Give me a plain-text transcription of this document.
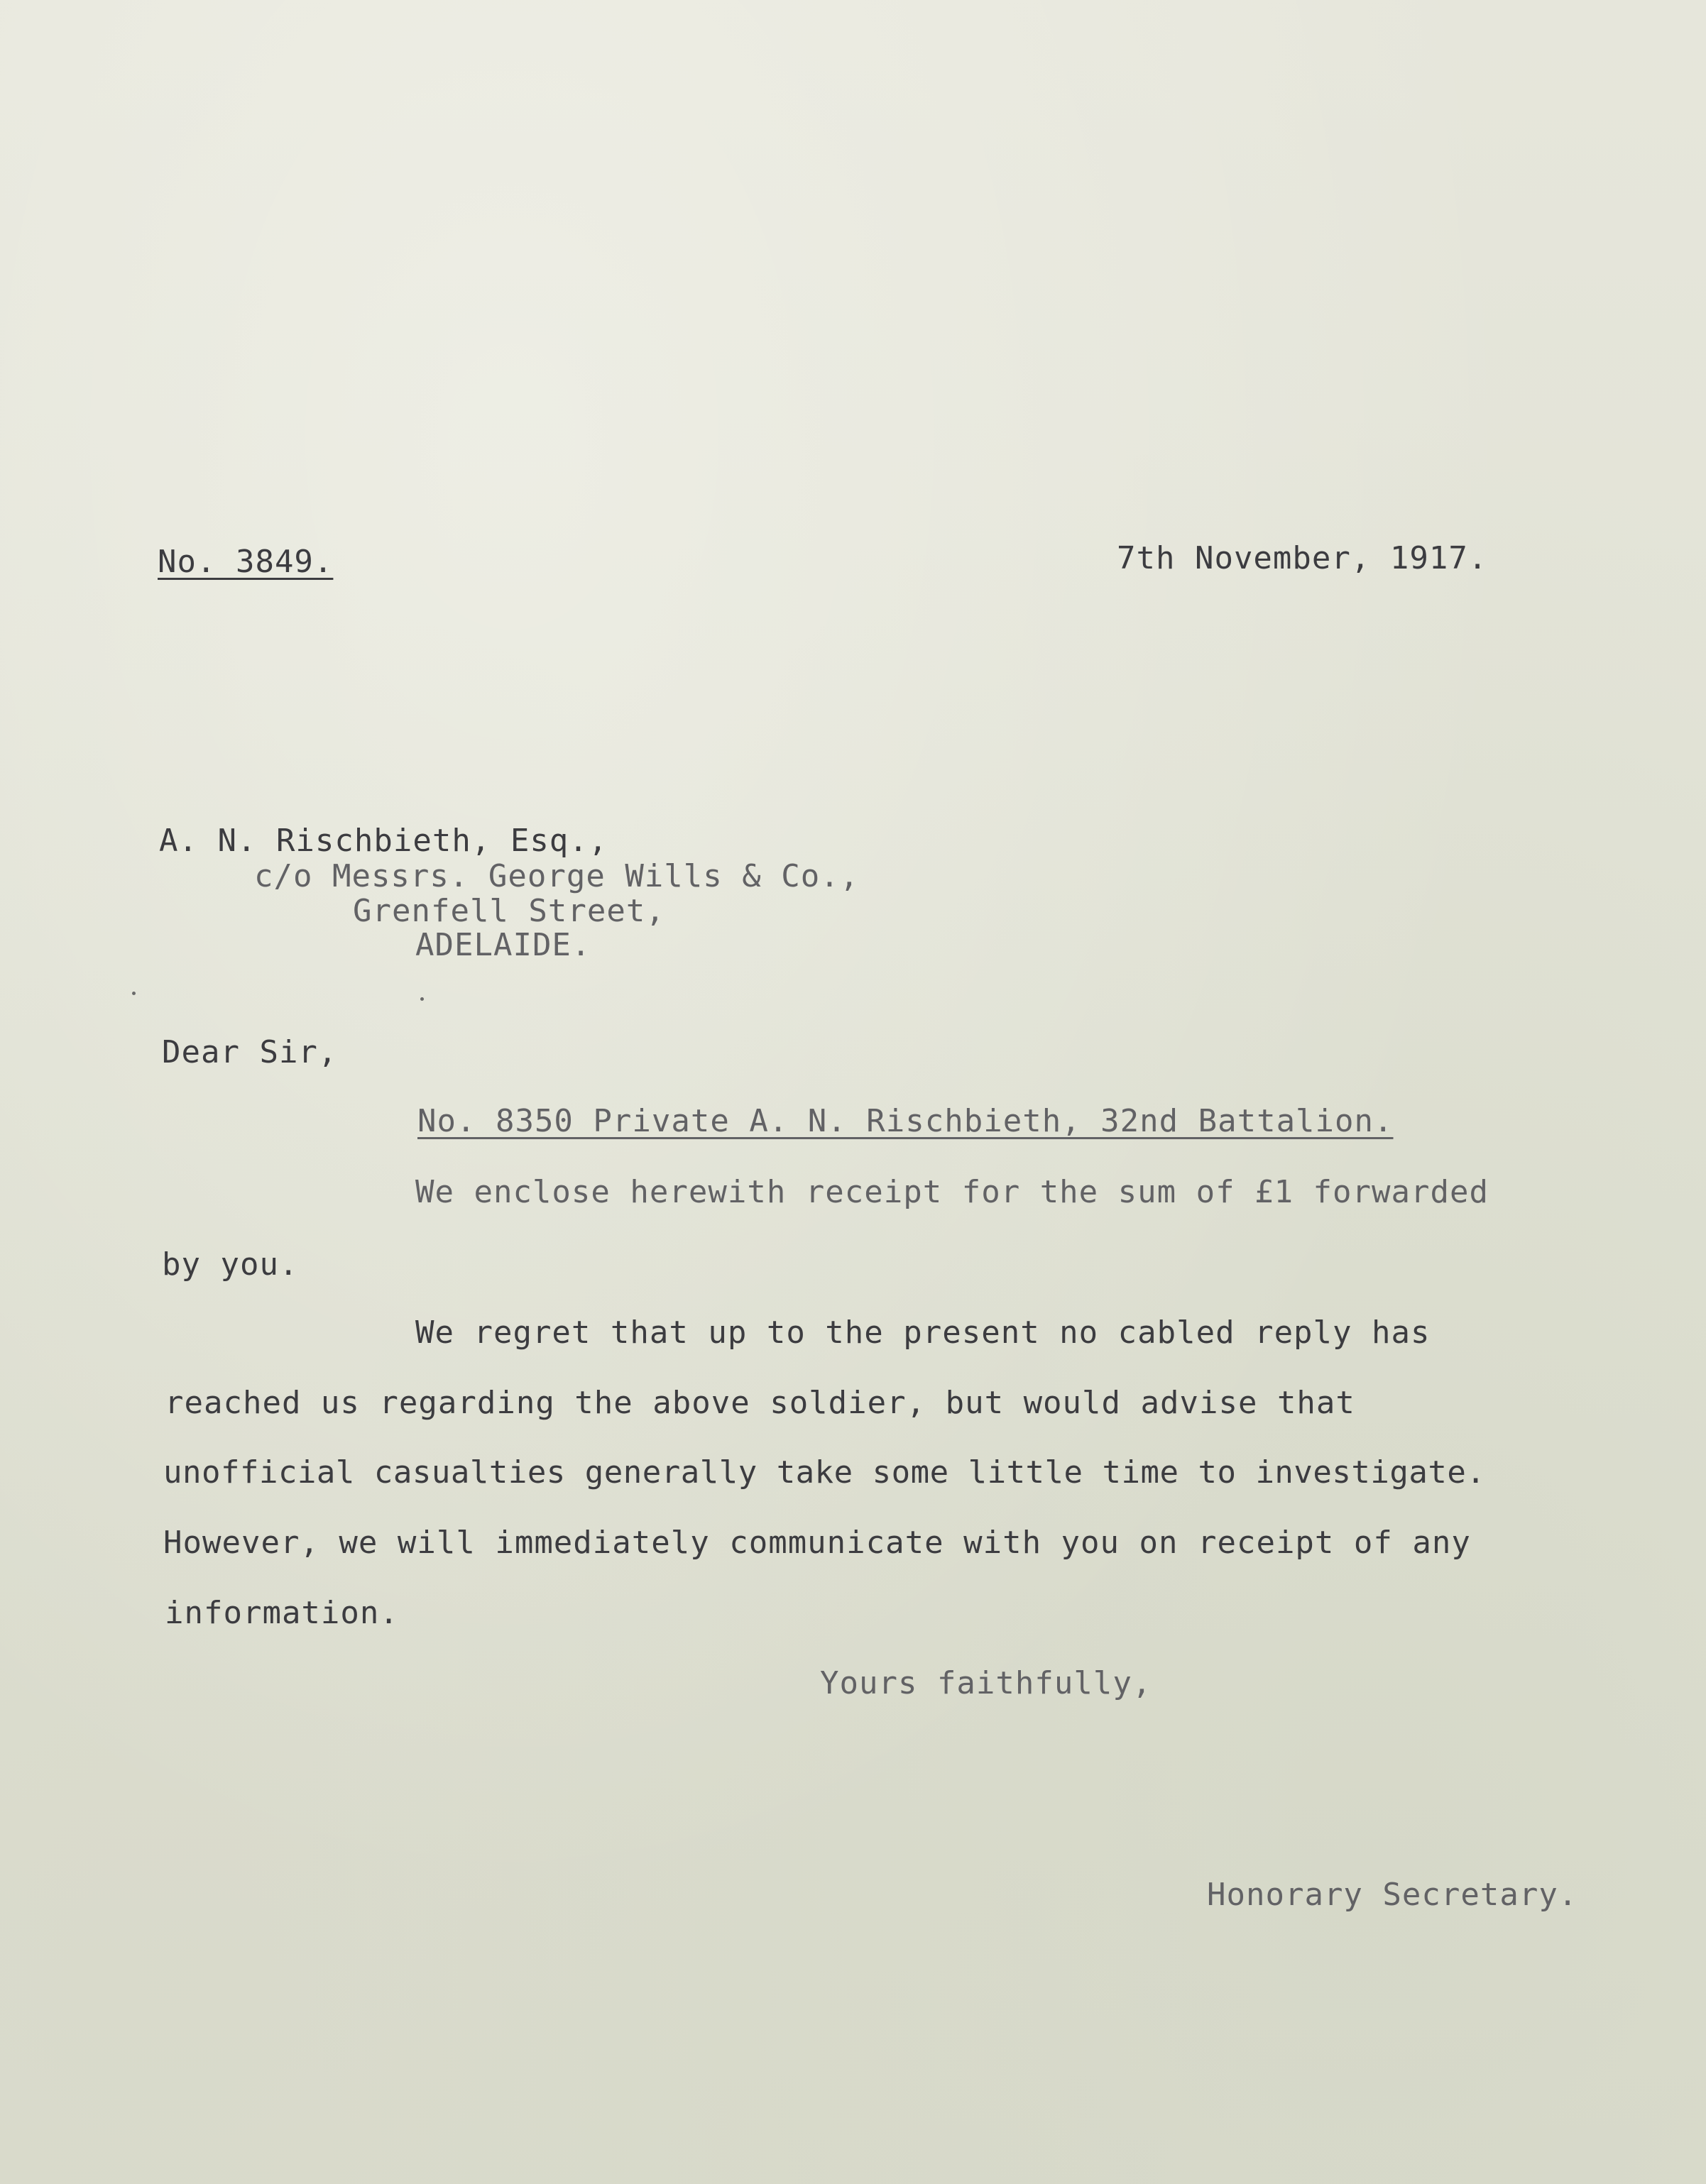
No. 3849.	7th November, 1917.
A. N. Rischbieth, Esq.,
c/o Messrs. George Wills & Co.,
Grenfell Street,
ADELAIDE.
Dear Sir,
No. 8350 Private A. N. Rischbieth, 32nd Battalion.
We enclose herewith receipt for the sum of £1 forwarded
by you.
We regret that up to the present no cabled reply has
reached us regarding the above soldier, but would advise that
unofficial casualties generally take some little time to investigate.
However, we will immediately communicate with you on receipt of any
information.
Yours faithfully,
Honorary Secretary.
